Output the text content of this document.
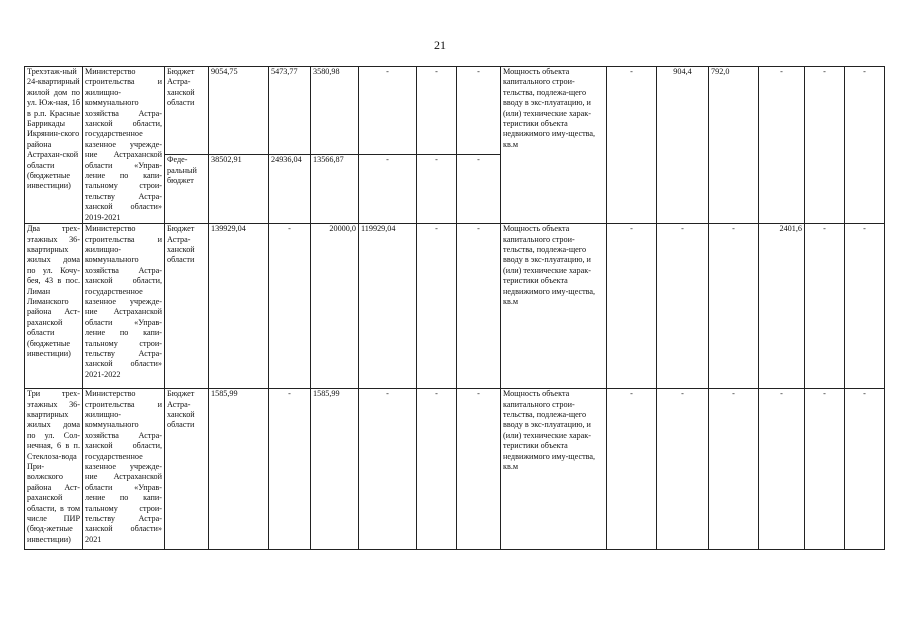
21
Трехэтаж-ный 24-квартирный жилой дом по ул. Юж-ная, 1б в р.п. Красные Баррикады Икрянин-ского района Астрахан-ской области (бюджетные инвестиции)	Министерство строительства и жилищно-коммунального хозяйства Астра-ханской области, государственное казенное учрежде-ние Астраханской области «Управ-ление по капи-тальному строи-тельству Астра-ханской области» 2019-2021	Бюджет Астра-ханской области	9054,75	5473,77	3580,98	-	-	-	Мощность объекта капитального строи-тельства, подлежа-щего вводу в экс-плуатацию, и (или) технические харак-теристики объекта недвижимого иму-щества, кв.м	-	904,4	792,0	-	-	-
		Феде-ральный бюджет	38502,91	24936,04	13566,87	-	-	-							
Два трех-этажных 36-квартирных жилых дома по ул. Кочу-бея, 43 в пос. Лиман Лиманского района Аст-раханской области (бюджетные инвестиции)	Министерство строительства и жилищно-коммунального хозяйства Астра-ханской области, государственное казенное учрежде-ние Астраханской области «Управ-ление по капи-тальному строи-тельству Астра-ханской области» 2021-2022	Бюджет Астра-ханской области	139929,04	-	20000,0	119929,04	-	-	Мощность объекта капитального строи-тельства, подлежа-щего вводу в экс-плуатацию, и (или) технические харак-теристики объекта недвижимого иму-щества, кв.м	-	-	-	2401,6	-	-
Три трех-этажных 36-квартирных жилых дома по ул. Сол-нечная, 6 в п. Стеклоза-вода При-волжского района Аст-раханской области, в том числе ПИР (бюд-жетные инвестиции)	Министерство строительства и жилищно-коммунального хозяйства Астра-ханской области, государственное казенное учрежде-ние Астраханской области «Управ-ление по капи-тальному строи-тельству Астра-ханской области» 2021	Бюджет Астра-ханской области	1585,99	-	1585,99	-	-	-	Мощность объекта капитального строи-тельства, подлежа-щего вводу в экс-плуатацию, и (или) технические харак-теристики объекта недвижимого иму-щества, кв.м	-	-	-	-	-	-
